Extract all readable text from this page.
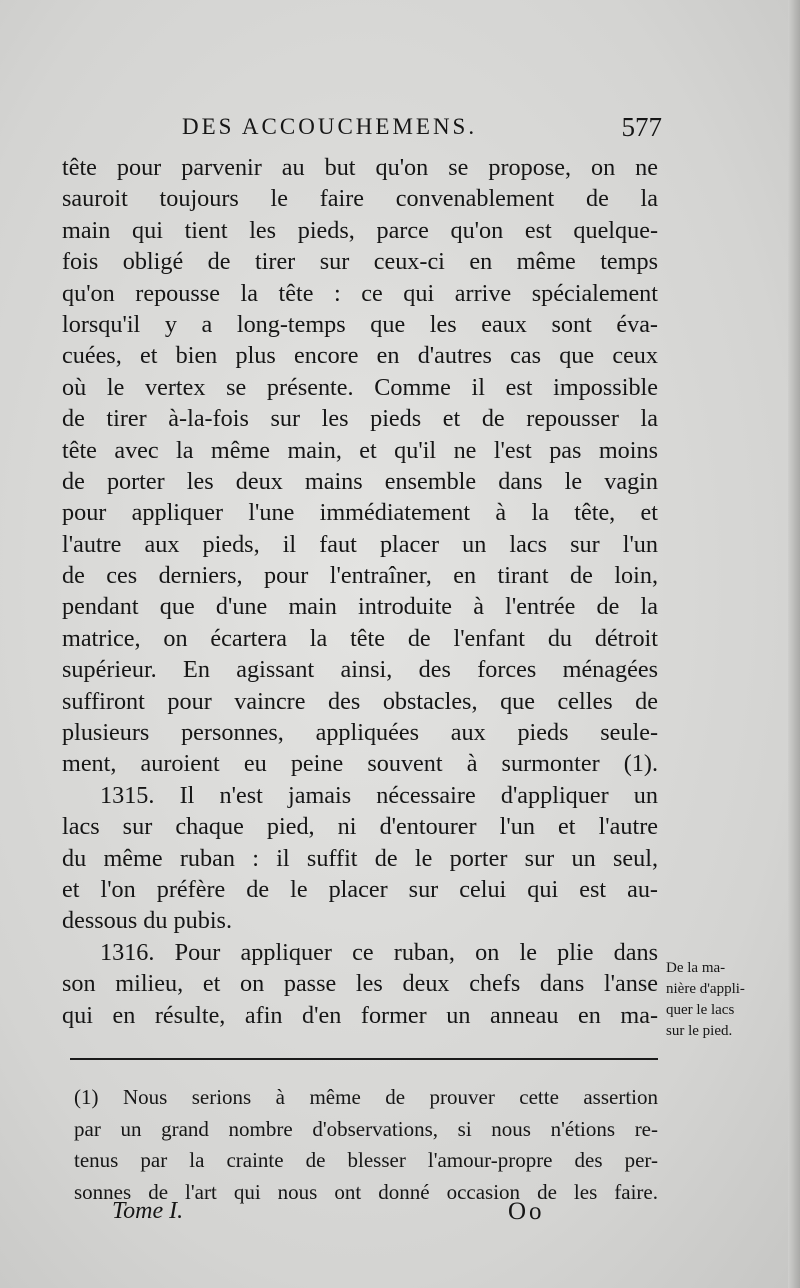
DES ACCOUCHEMENS.	577
tête pour parvenir au but qu'on se propose, on ne
sauroit toujours le faire convenablement de la
main qui tient les pieds, parce qu'on est quelque-
fois obligé de tirer sur ceux-ci en même temps
qu'on repousse la tête : ce qui arrive spécialement
lorsqu'il y a long-temps que les eaux sont éva-
cuées, et bien plus encore en d'autres cas que ceux
où le vertex se présente. Comme il est impossible
de tirer à-la-fois sur les pieds et de repousser la
tête avec la même main, et qu'il ne l'est pas moins
de porter les deux mains ensemble dans le vagin
pour appliquer l'une immédiatement à la tête, et
l'autre aux pieds, il faut placer un lacs sur l'un
de ces derniers, pour l'entraîner, en tirant de loin,
pendant que d'une main introduite à l'entrée de la
matrice, on écartera la tête de l'enfant du détroit
supérieur. En agissant ainsi, des forces ménagées
suffiront pour vaincre des obstacles, que celles de
plusieurs personnes, appliquées aux pieds seule-
ment, auroient eu peine souvent à surmonter (1).
1315. Il n'est jamais nécessaire d'appliquer un
lacs sur chaque pied, ni d'entourer l'un et l'autre
du même ruban : il suffit de le porter sur un seul,
et l'on préfère de le placer sur celui qui est au-
dessous du pubis.
1316. Pour appliquer ce ruban, on le plie dans
son milieu, et on passe les deux chefs dans l'anse
qui en résulte, afin d'en former un anneau en ma-
De la ma-
nière d'appli-
quer le lacs
sur le pied.
(1) Nous serions à même de prouver cette assertion
par un grand nombre d'observations, si nous n'étions re-
tenus par la crainte de blesser l'amour-propre des per-
sonnes de l'art qui nous ont donné occasion de les faire.
Tome I.	Oo
